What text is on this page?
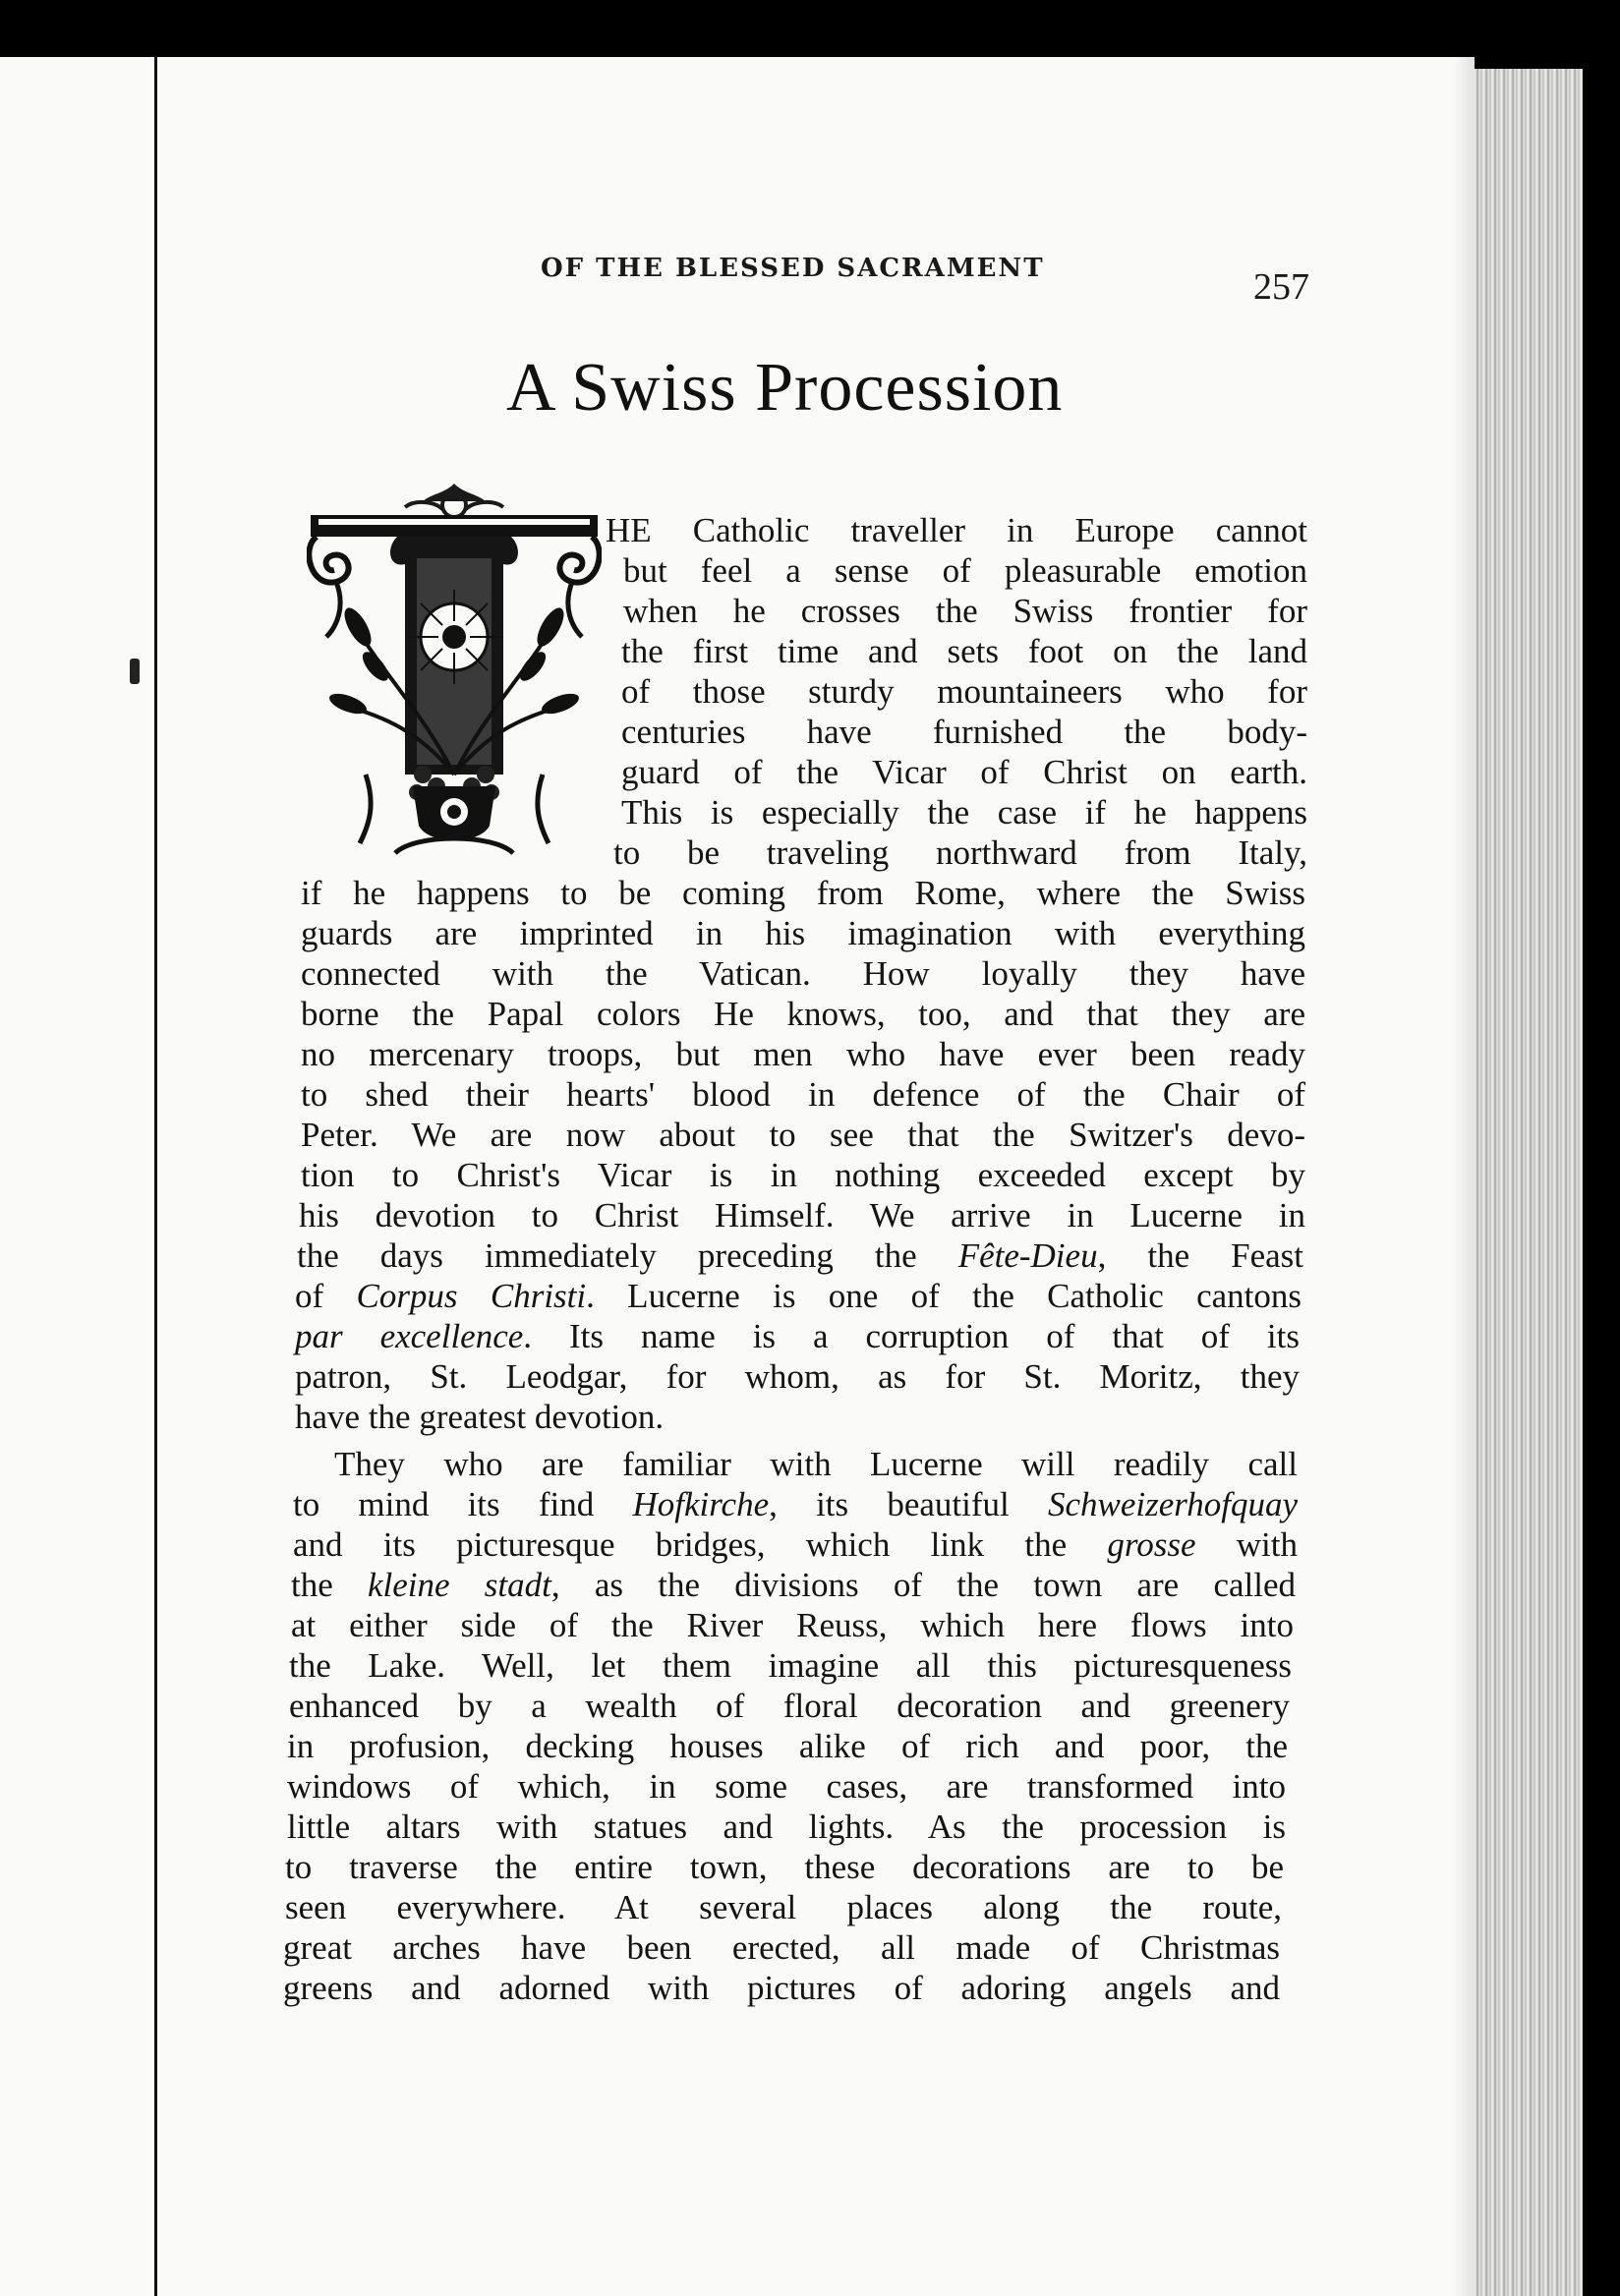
OF THE BLESSED SACRAMENT	257
A Swiss Procession
HE Catholic traveller in Europe cannot
but feel a sense of pleasurable emotion
when he crosses the Swiss frontier for
the first time and sets foot on the land
of those sturdy mountaineers who for
centuries have furnished the body-
guard of the Vicar of Christ on earth.
This is especially the case if he happens
to be traveling northward from Italy,
if he happens to be coming from Rome, where the Swiss
guards are imprinted in his imagination with everything
connected with the Vatican. How loyally they have
borne the Papal colors He knows, too, and that they are
no mercenary troops, but men who have ever been ready
to shed their hearts' blood in defence of the Chair of
Peter. We are now about to see that the Switzer's devo-
tion to Christ's Vicar is in nothing exceeded except by
his devotion to Christ Himself. We arrive in Lucerne in
the days immediately preceding the Fête-Dieu, the Feast
of Corpus Christi. Lucerne is one of the Catholic cantons
par excellence. Its name is a corruption of that of its
patron, St. Leodgar, for whom, as for St. Moritz, they
have the greatest devotion.
They who are familiar with Lucerne will readily call
to mind its find Hofkirche, its beautiful Schweizerhofquay
and its picturesque bridges, which link the grosse with
the kleine stadt, as the divisions of the town are called
at either side of the River Reuss, which here flows into
the Lake. Well, let them imagine all this picturesqueness
enhanced by a wealth of floral decoration and greenery
in profusion, decking houses alike of rich and poor, the
windows of which, in some cases, are transformed into
little altars with statues and lights. As the procession is
to traverse the entire town, these decorations are to be
seen everywhere. At several places along the route,
great arches have been erected, all made of Christmas
greens and adorned with pictures of adoring angels and
